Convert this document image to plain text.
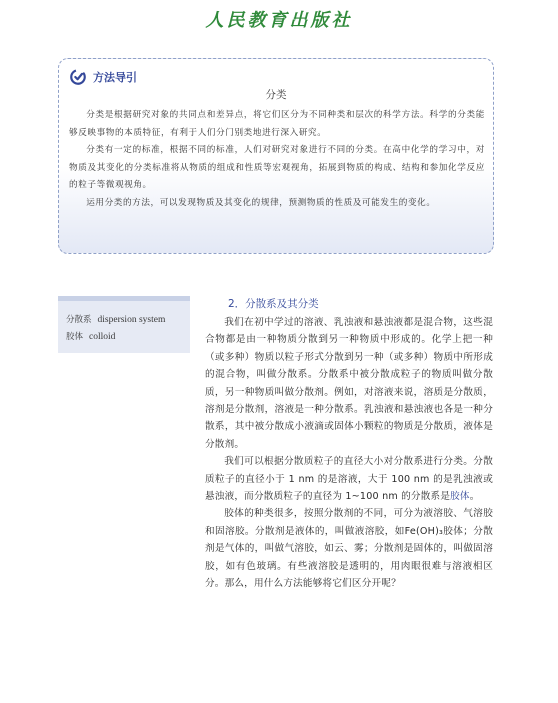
人民教育出版社
方法导引
分类

分类是根据研究对象的共同点和差异点，将它们区分为不同种类和层次的科学方法。科学的分类能够反映事物的本质特征，有利于人们分门别类地进行深入研究。

分类有一定的标准，根据不同的标准，人们对研究对象进行不同的分类。在高中化学的学习中，对物质及其变化的分类标准将从物质的组成和性质等宏观视角，拓展到物质的构成、结构和参加化学反应的粒子等微观视角。

运用分类的方法，可以发现物质及其变化的规律，预测物质的性质及可能发生的变化。

分散系 dispersion system
胶体 colloid
2．分散系及其分类

我们在初中学过的溶液、乳浊液和悬浊液都是混合物，这些混合物都是由一种物质分散到另一种物质中形成的。化学上把一种（或多种）物质以粒子形式分散到另一种（或多种）物质中所形成的混合物，叫做分散系。分散系中被分散成粒子的物质叫做分散质，另一种物质叫做分散剂。例如，对溶液来说，溶质是分散质，溶剂是分散剂，溶液是一种分散系。乳浊液和悬浊液也各是一种分散系，其中被分散成小液滴或固体小颗粒的物质是分散质，液体是分散剂。

我们可以根据分散质粒子的直径大小对分散系进行分类。分散质粒子的直径小于 1 nm 的是溶液，大于 100 nm 的是乳浊液或悬浊液，而分散质粒子的直径为 1~100 nm 的分散系是胶体。

胶体的种类很多，按照分散剂的不同，可分为液溶胶、气溶胶和固溶胶。分散剂是液体的，叫做液溶胶，如Fe(OH)₃胶体；分散剂是气体的，叫做气溶胶，如云、雾；分散剂是固体的，叫做固溶胶，如有色玻璃。有些液溶胶是透明的，用肉眼很难与溶液相区分。那么，用什么方法能够将它们区分开呢？
